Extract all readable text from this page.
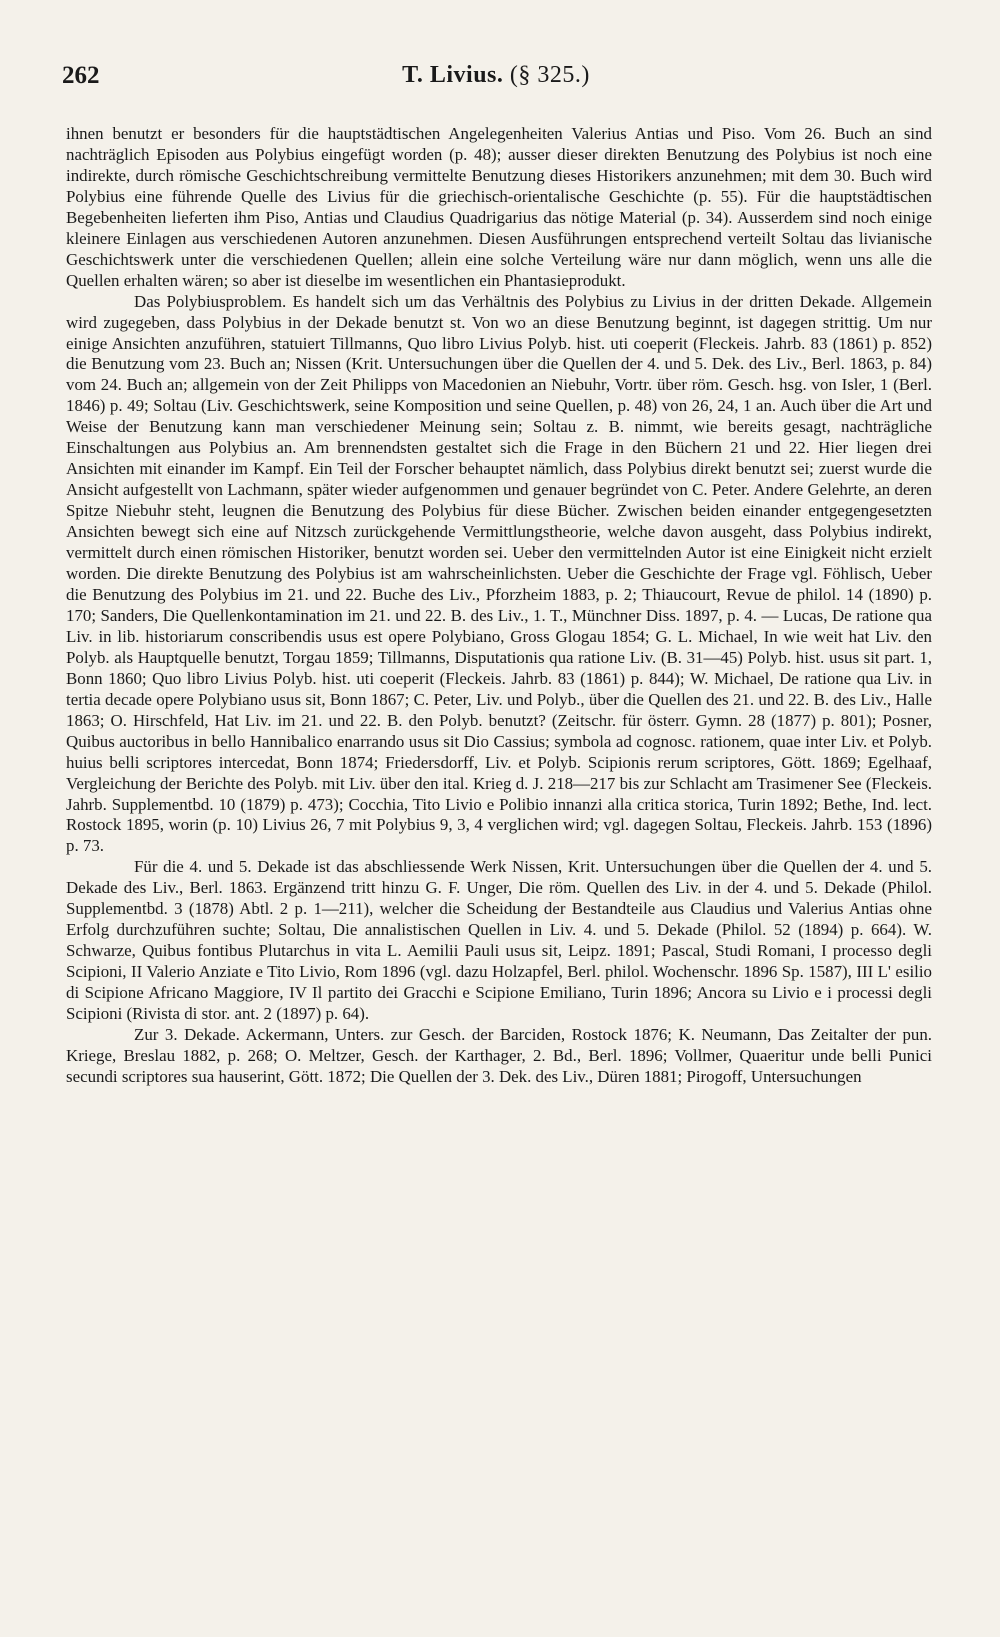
262	T. Livius. (§ 325.)

ihnen benutzt er besonders für die hauptstädtischen Angelegenheiten Valerius Antias und Piso. Vom 26. Buch an sind nachträglich Episoden aus Polybius eingefügt worden (p. 48); ausser dieser direkten Benutzung des Polybius ist noch eine indirekte, durch römische Geschichtschreibung vermittelte Benutzung dieses Historikers anzunehmen; mit dem 30. Buch wird Polybius eine führende Quelle des Livius für die griechisch-orientalische Geschichte (p. 55). Für die hauptstädtischen Begebenheiten lieferten ihm Piso, Antias und Claudius Quadrigarius das nötige Material (p. 34). Ausserdem sind noch einige kleinere Einlagen aus verschiedenen Autoren anzunehmen. Diesen Ausführungen entsprechend verteilt Soltau das livianische Geschichtswerk unter die verschiedenen Quellen; allein eine solche Verteilung wäre nur dann möglich, wenn uns alle die Quellen erhalten wären; so aber ist dieselbe im wesentlichen ein Phantasieprodukt.

Das Polybiusproblem. Es handelt sich um das Verhältnis des Polybius zu Livius in der dritten Dekade. Allgemein wird zugegeben, dass Polybius in der Dekade benutzt st. Von wo an diese Benutzung beginnt, ist dagegen strittig. Um nur einige Ansichten anzuführen, statuiert Tillmanns, Quo libro Livius Polyb. hist. uti coeperit (Fleckeis. Jahrb. 83 (1861) p. 852) die Benutzung vom 23. Buch an; Nissen (Krit. Untersuchungen über die Quellen der 4. und 5. Dek. des Liv., Berl. 1863, p. 84) vom 24. Buch an; allgemein von der Zeit Philipps von Macedonien an Niebuhr, Vortr. über röm. Gesch. hsg. von Isler, 1 (Berl. 1846) p. 49; Soltau (Liv. Geschichtswerk, seine Komposition und seine Quellen, p. 48) von 26, 24, 1 an. Auch über die Art und Weise der Benutzung kann man verschiedener Meinung sein; Soltau z. B. nimmt, wie bereits gesagt, nachträgliche Einschaltungen aus Polybius an. Am brennendsten gestaltet sich die Frage in den Büchern 21 und 22. Hier liegen drei Ansichten mit einander im Kampf. Ein Teil der Forscher behauptet nämlich, dass Polybius direkt benutzt sei; zuerst wurde die Ansicht aufgestellt von Lachmann, später wieder aufgenommen und genauer begründet von C. Peter. Andere Gelehrte, an deren Spitze Niebuhr steht, leugnen die Benutzung des Polybius für diese Bücher. Zwischen beiden einander entgegengesetzten Ansichten bewegt sich eine auf Nitzsch zurückgehende Vermittlungstheorie, welche davon ausgeht, dass Polybius indirekt, vermittelt durch einen römischen Historiker, benutzt worden sei. Ueber den vermittelnden Autor ist eine Einigkeit nicht erzielt worden. Die direkte Benutzung des Polybius ist am wahrscheinlichsten. Ueber die Geschichte der Frage vgl. Föhlisch, Ueber die Benutzung des Polybius im 21. und 22. Buche des Liv., Pforzheim 1883, p. 2; Thiaucourt, Revue de philol. 14 (1890) p. 170; Sanders, Die Quellenkontamination im 21. und 22. B. des Liv., 1. T., Münchner Diss. 1897, p. 4. — Lucas, De ratione qua Liv. in lib. historiarum conscribendis usus est opere Polybiano, Gross Glogau 1854; G. L. Michael, In wie weit hat Liv. den Polyb. als Hauptquelle benutzt, Torgau 1859; Tillmanns, Disputationis qua ratione Liv. (B. 31—45) Polyb. hist. usus sit part. 1, Bonn 1860; Quo libro Livius Polyb. hist. uti coeperit (Fleckeis. Jahrb. 83 (1861) p. 844); W. Michael, De ratione qua Liv. in tertia decade opere Polybiano usus sit, Bonn 1867; C. Peter, Liv. und Polyb., über die Quellen des 21. und 22. B. des Liv., Halle 1863; O. Hirschfeld, Hat Liv. im 21. und 22. B. den Polyb. benutzt? (Zeitschr. für österr. Gymn. 28 (1877) p. 801); Posner, Quibus auctoribus in bello Hannibalico enarrando usus sit Dio Cassius; symbola ad cognosc. rationem, quae inter Liv. et Polyb. huius belli scriptores intercedat, Bonn 1874; Friedersdorff, Liv. et Polyb. Scipionis rerum scriptores, Gött. 1869; Egelhaaf, Vergleichung der Berichte des Polyb. mit Liv. über den ital. Krieg d. J. 218—217 bis zur Schlacht am Trasimener See (Fleckeis. Jahrb. Supplementbd. 10 (1879) p. 473); Cocchia, Tito Livio e Polibio innanzi alla critica storica, Turin 1892; Bethe, Ind. lect. Rostock 1895, worin (p. 10) Livius 26, 7 mit Polybius 9, 3, 4 verglichen wird; vgl. dagegen Soltau, Fleckeis. Jahrb. 153 (1896) p. 73.

Für die 4. und 5. Dekade ist das abschliessende Werk Nissen, Krit. Untersuchungen über die Quellen der 4. und 5. Dekade des Liv., Berl. 1863. Ergänzend tritt hinzu G. F. Unger, Die röm. Quellen des Liv. in der 4. und 5. Dekade (Philol. Supplementbd. 3 (1878) Abtl. 2 p. 1—211), welcher die Scheidung der Bestandteile aus Claudius und Valerius Antias ohne Erfolg durchzuführen suchte; Soltau, Die annalistischen Quellen in Liv. 4. und 5. Dekade (Philol. 52 (1894) p. 664). W. Schwarze, Quibus fontibus Plutarchus in vita L. Aemilii Pauli usus sit, Leipz. 1891; Pascal, Studi Romani, I processo degli Scipioni, II Valerio Anziate e Tito Livio, Rom 1896 (vgl. dazu Holzapfel, Berl. philol. Wochenschr. 1896 Sp. 1587), III L' esilio di Scipione Africano Maggiore, IV Il partito dei Gracchi e Scipione Emiliano, Turin 1896; Ancora su Livio e i processi degli Scipioni (Rivista di stor. ant. 2 (1897) p. 64).

Zur 3. Dekade. Ackermann, Unters. zur Gesch. der Barciden, Rostock 1876; K. Neumann, Das Zeitalter der pun. Kriege, Breslau 1882, p. 268; O. Meltzer, Gesch. der Karthager, 2. Bd., Berl. 1896; Vollmer, Quaeritur unde belli Punici secundi scriptores sua hauserint, Gött. 1872; Die Quellen der 3. Dek. des Liv., Düren 1881; Pirogoff, Untersuchungen
